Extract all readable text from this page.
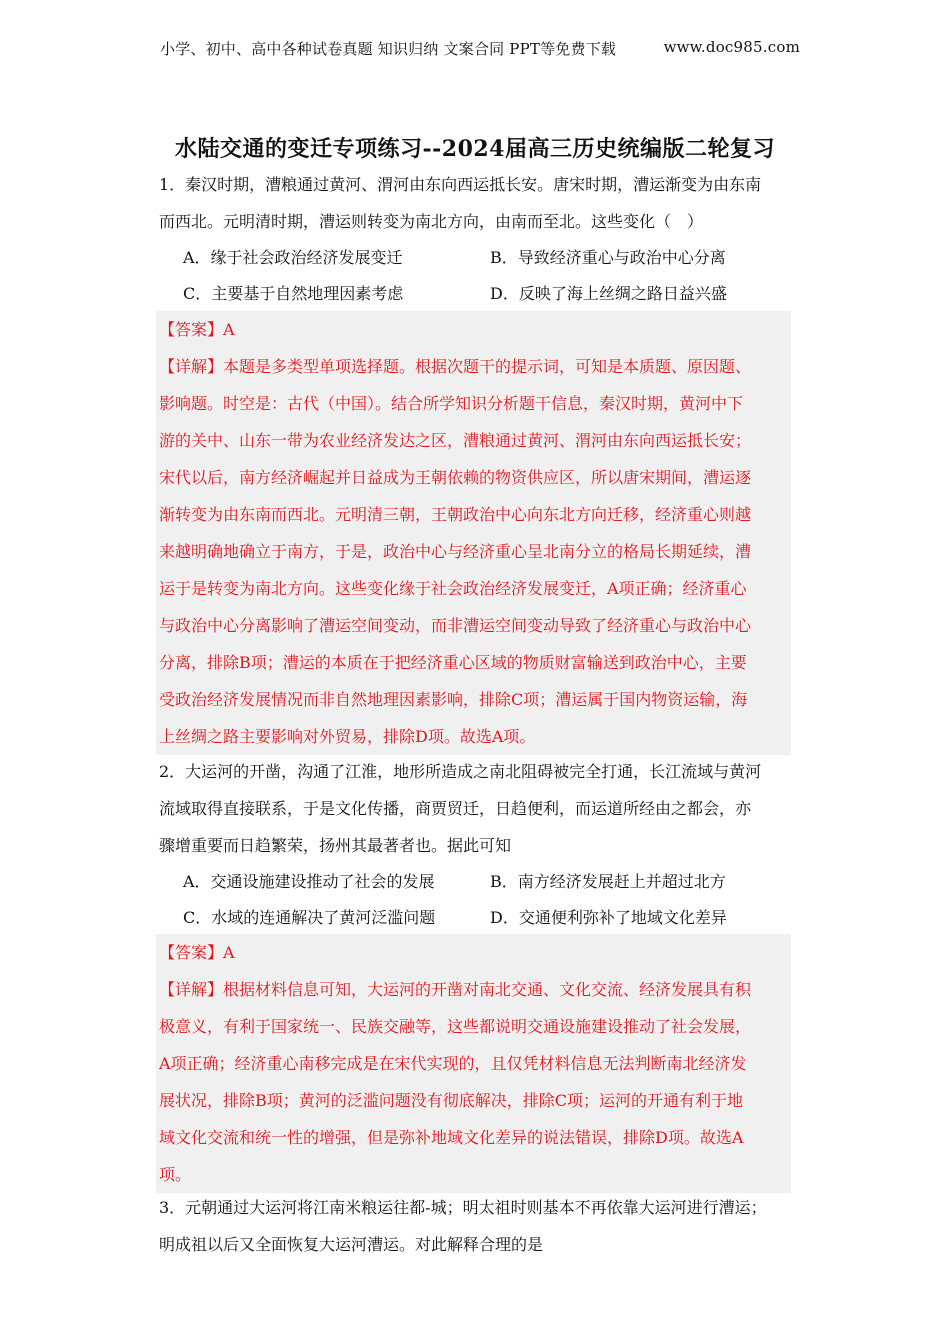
小学、初中、高中各种试卷真题 知识归纳 文案合同 PPT等免费下载	www.doc985.com
水陆交通的变迁专项练习--2024届高三历史统编版二轮复习
1．秦汉时期，漕粮通过黄河、渭河由东向西运抵长安。唐宋时期，漕运渐变为由东南
而西北。元明清时期，漕运则转变为南北方向，由南而至北。这些变化（　）
A．缘于社会政治经济发展变迁	B．导致经济重心与政治中心分离
C．主要基于自然地理因素考虑	D．反映了海上丝绸之路日益兴盛
【答案】A
【详解】本题是多类型单项选择题。根据次题干的提示词，可知是本质题、原因题、
影响题。时空是：古代（中国）。结合所学知识分析题干信息，秦汉时期，黄河中下
游的关中、山东一带为农业经济发达之区，漕粮通过黄河、渭河由东向西运抵长安；
宋代以后，南方经济崛起并日益成为王朝依赖的物资供应区，所以唐宋期间，漕运逐
渐转变为由东南而西北。元明清三朝，王朝政治中心向东北方向迁移，经济重心则越
来越明确地确立于南方，于是，政治中心与经济重心呈北南分立的格局长期延续，漕
运于是转变为南北方向。这些变化缘于社会政治经济发展变迁，A项正确；经济重心
与政治中心分离影响了漕运空间变动，而非漕运空间变动导致了经济重心与政治中心
分离，排除B项；漕运的本质在于把经济重心区域的物质财富输送到政治中心，主要
受政治经济发展情况而非自然地理因素影响，排除C项；漕运属于国内物资运输，海
上丝绸之路主要影响对外贸易，排除D项。故选A项。
2．大运河的开凿，沟通了江淮，地形所造成之南北阻碍被完全打通，长江流域与黄河
流域取得直接联系，于是文化传播，商贾贸迁，日趋便利，而运道所经由之都会，亦
骤增重要而日趋繁荣，扬州其最著者也。据此可知
A．交通设施建设推动了社会的发展	B．南方经济发展赶上并超过北方
C．水域的连通解决了黄河泛滥问题	D．交通便利弥补了地域文化差异
【答案】A
【详解】根据材料信息可知，大运河的开凿对南北交通、文化交流、经济发展具有积
极意义，有利于国家统一、民族交融等，这些都说明交通设施建设推动了社会发展，
A项正确；经济重心南移完成是在宋代实现的，且仅凭材料信息无法判断南北经济发
展状况，排除B项；黄河的泛滥问题没有彻底解决，排除C项；运河的开通有利于地
域文化交流和统一性的增强，但是弥补地域文化差异的说法错误，排除D项。故选A
项。
3．元朝通过大运河将江南米粮运往都-城；明太祖时则基本不再依靠大运河进行漕运；
明成祖以后又全面恢复大运河漕运。对此解释合理的是
